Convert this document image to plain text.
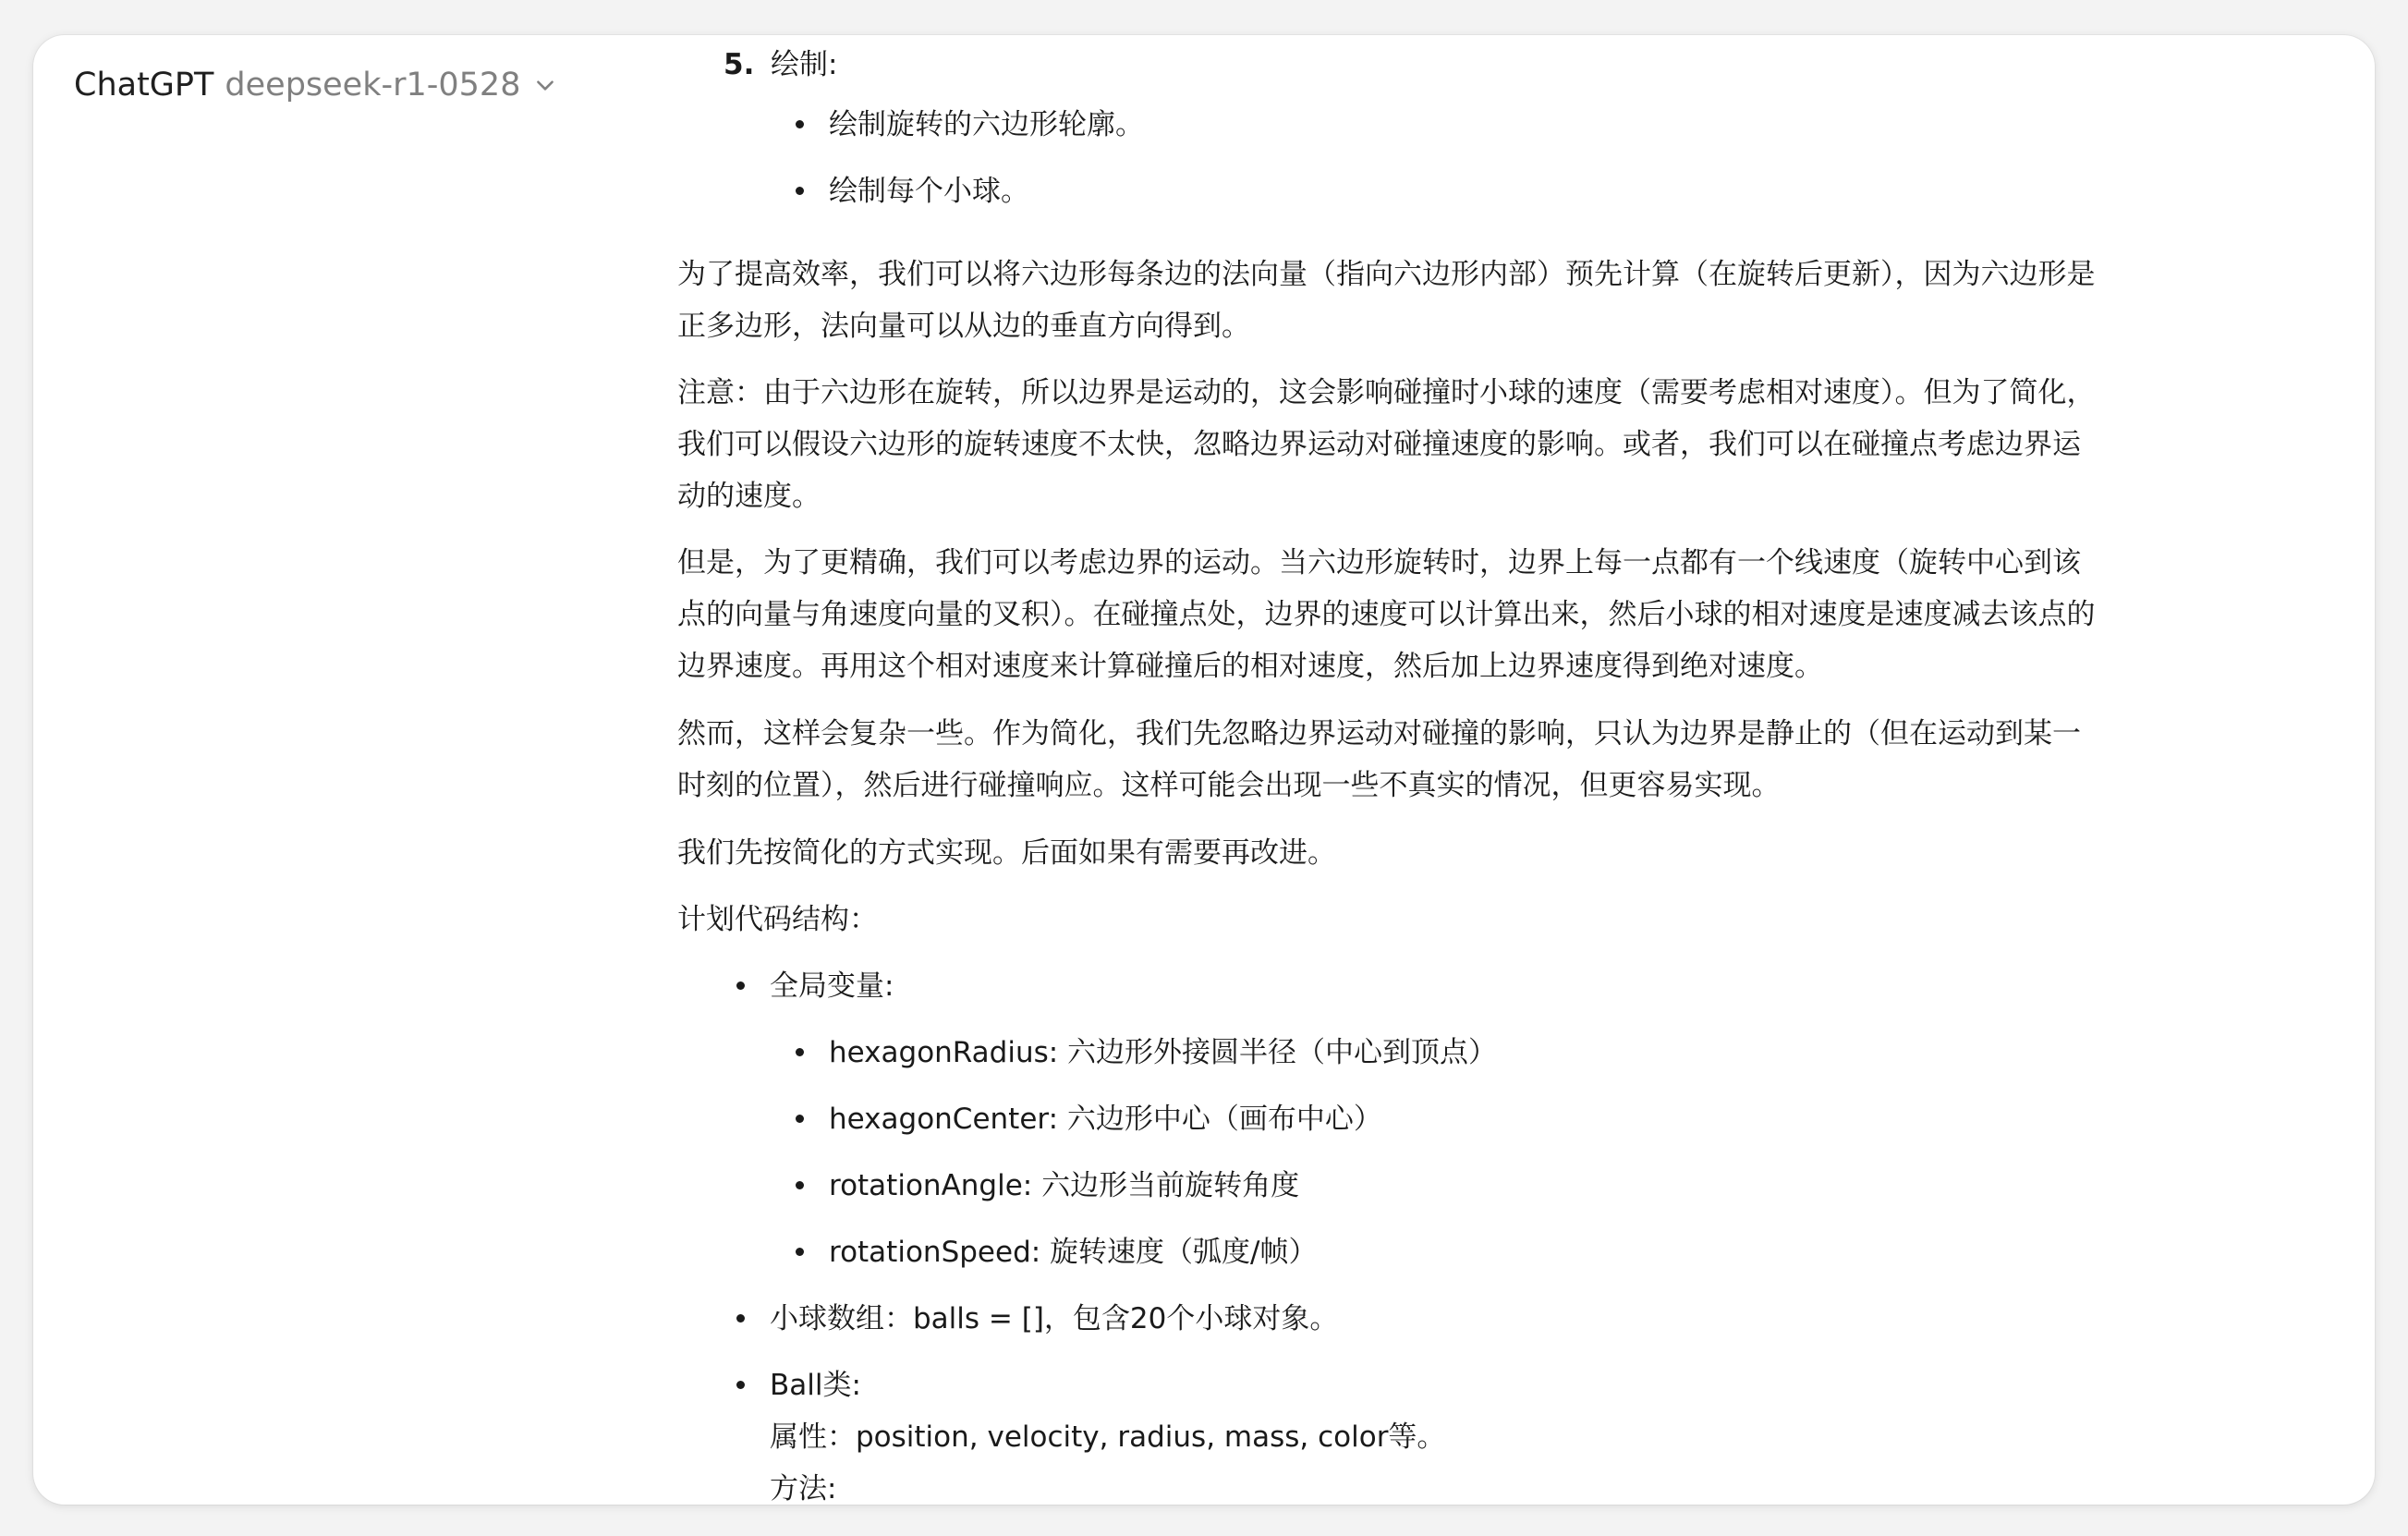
ChatGPT deepseek-r1-0528
5. 绘制:
绘制旋转的六边形轮廓。
绘制每个小球。
为了提高效率，我们可以将六边形每条边的法向量（指向六边形内部）预先计算（在旋转后更新），因为六边形是正多边形，法向量可以从边的垂直方向得到。
注意：由于六边形在旋转，所以边界是运动的，这会影响碰撞时小球的速度（需要考虑相对速度）。但为了简化，我们可以假设六边形的旋转速度不太快，忽略边界运动对碰撞速度的影响。或者，我们可以在碰撞点考虑边界运动的速度。
但是，为了更精确，我们可以考虑边界的运动。当六边形旋转时，边界上每一点都有一个线速度（旋转中心到该点的向量与角速度向量的叉积）。在碰撞点处，边界的速度可以计算出来，然后小球的相对速度是速度减去该点的边界速度。再用这个相对速度来计算碰撞后的相对速度，然后加上边界速度得到绝对速度。
然而，这样会复杂一些。作为简化，我们先忽略边界运动对碰撞的影响，只认为边界是静止的（但在运动到某一时刻的位置），然后进行碰撞响应。这样可能会出现一些不真实的情况，但更容易实现。
我们先按简化的方式实现。后面如果有需要再改进。
计划代码结构：
全局变量:
hexagonRadius: 六边形外接圆半径（中心到顶点）
hexagonCenter: 六边形中心（画布中心）
rotationAngle: 六边形当前旋转角度
rotationSpeed: 旋转速度（弧度/帧）
小球数组：balls = []，包含20个小球对象。
Ball类:
属性：position, velocity, radius, mass, color等。
方法:
